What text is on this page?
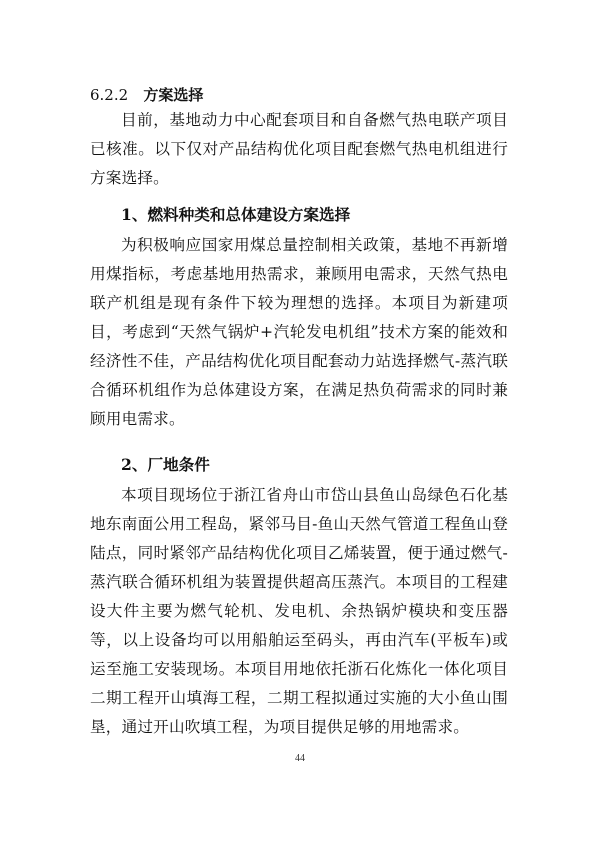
6.2.2 方案选择

目前，基地动力中心配套项目和自备燃气热电联产项目已核准。以下仅对产品结构优化项目配套燃气热电机组进行方案选择。

1、燃料种类和总体建设方案选择

为积极响应国家用煤总量控制相关政策，基地不再新增用煤指标，考虑基地用热需求，兼顾用电需求，天然气热电联产机组是现有条件下较为理想的选择。本项目为新建项目，考虑到“天然气锅炉+汽轮发电机组”技术方案的能效和经济性不佳，产品结构优化项目配套动力站选择燃气-蒸汽联合循环机组作为总体建设方案，在满足热负荷需求的同时兼顾用电需求。

2、厂地条件

本项目现场位于浙江省舟山市岱山县鱼山岛绿色石化基地东南面公用工程岛，紧邻马目-鱼山天然气管道工程鱼山登陆点，同时紧邻产品结构优化项目乙烯装置，便于通过燃气-蒸汽联合循环机组为装置提供超高压蒸汽。本项目的工程建设大件主要为燃气轮机、发电机、余热锅炉模块和变压器等，以上设备均可以用船舶运至码头，再由汽车(平板车)或运至施工安装现场。本项目用地依托浙石化炼化一体化项目二期工程开山填海工程，二期工程拟通过实施的大小鱼山围垦，通过开山吹填工程，为项目提供足够的用地需求。

44
